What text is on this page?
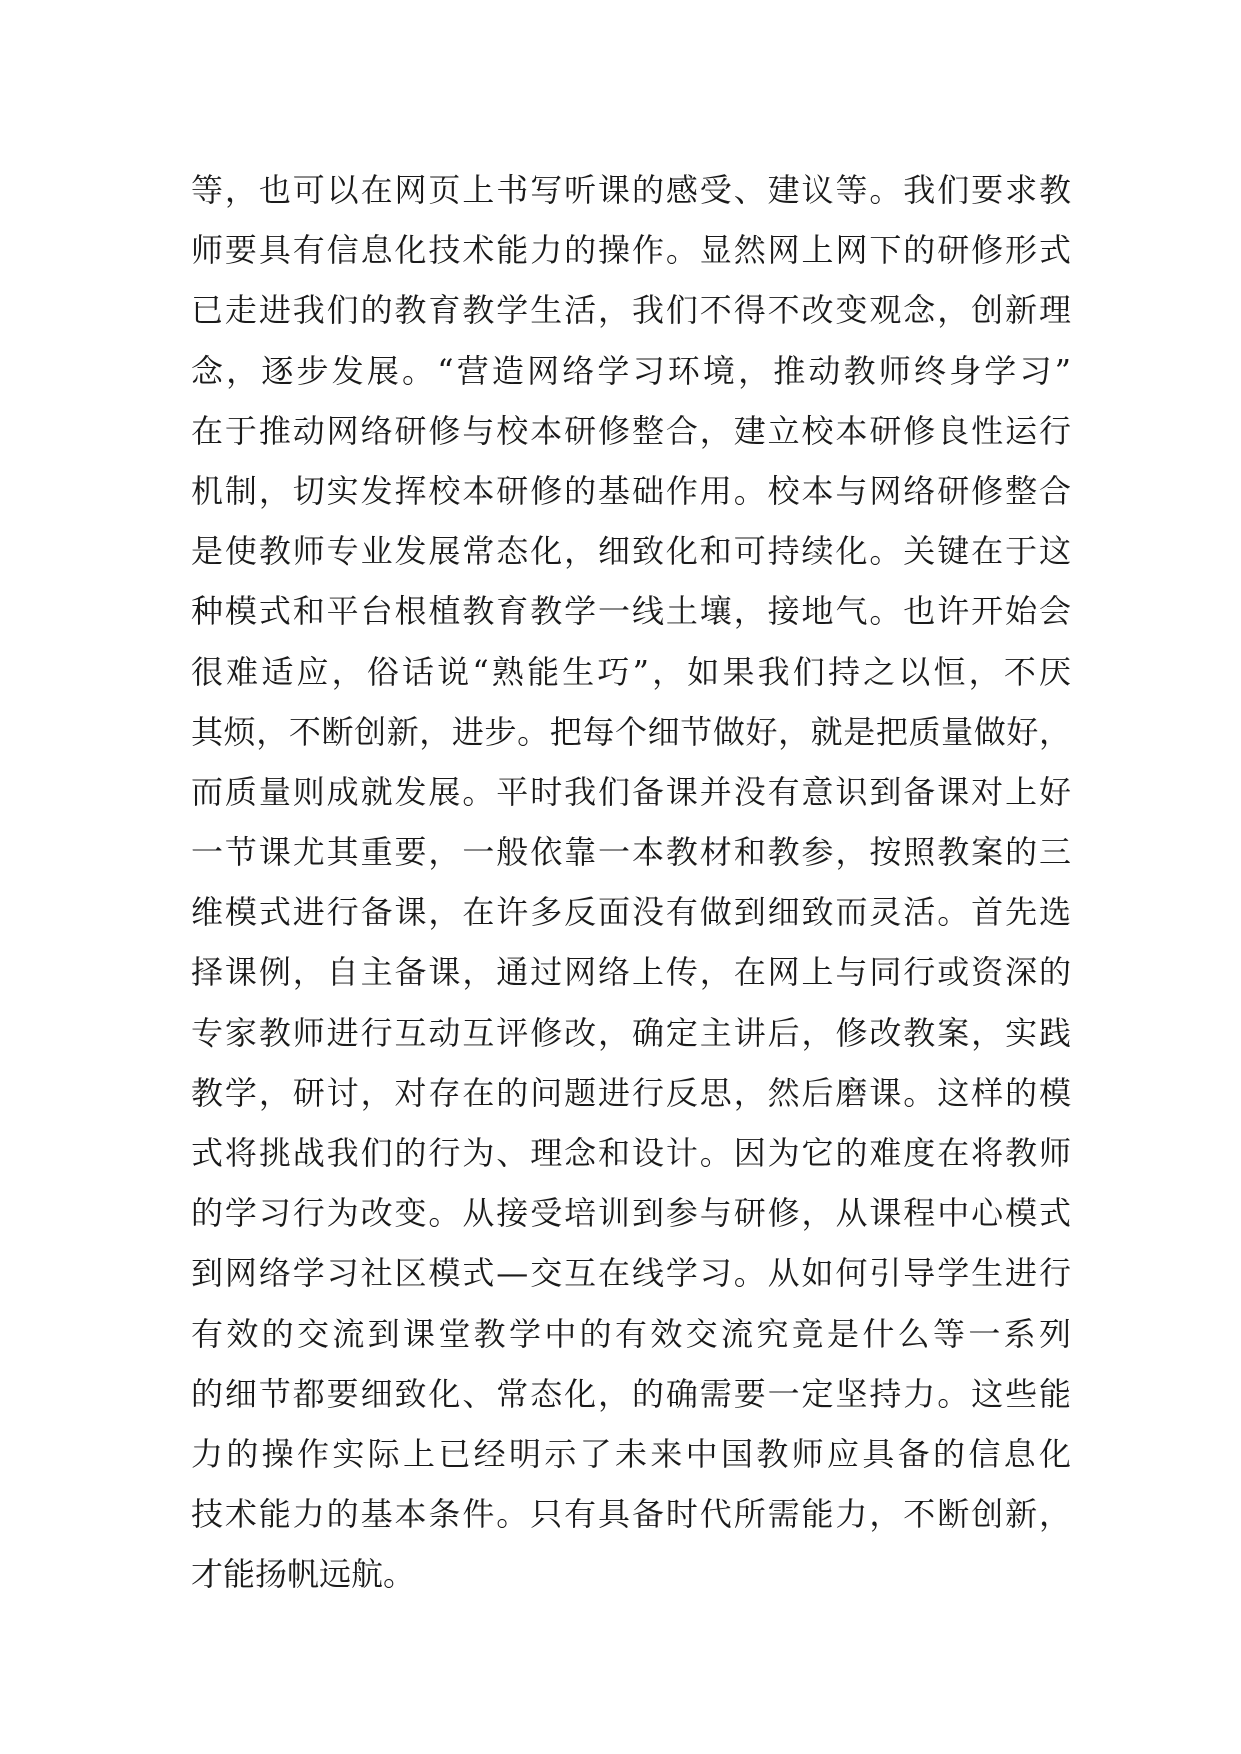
等，也可以在网页上书写听课的感受、建议等。我们要求教
师要具有信息化技术能力的操作。显然网上网下的研修形式
已走进我们的教育教学生活，我们不得不改变观念，创新理
念，逐步发展。“营造网络学习环境，推动教师终身学习”
在于推动网络研修与校本研修整合，建立校本研修良性运行
机制，切实发挥校本研修的基础作用。校本与网络研修整合
是使教师专业发展常态化，细致化和可持续化。关键在于这
种模式和平台根植教育教学一线土壤，接地气。也许开始会
很难适应，俗话说“熟能生巧”，如果我们持之以恒，不厌
其烦，不断创新，进步。把每个细节做好，就是把质量做好，
而质量则成就发展。平时我们备课并没有意识到备课对上好
一节课尤其重要，一般依靠一本教材和教参，按照教案的三
维模式进行备课，在许多反面没有做到细致而灵活。首先选
择课例，自主备课，通过网络上传，在网上与同行或资深的
专家教师进行互动互评修改，确定主讲后，修改教案，实践
教学，研讨，对存在的问题进行反思，然后磨课。这样的模
式将挑战我们的行为、理念和设计。因为它的难度在将教师
的学习行为改变。从接受培训到参与研修，从课程中心模式
到网络学习社区模式—交互在线学习。从如何引导学生进行
有效的交流到课堂教学中的有效交流究竟是什么等一系列
的细节都要细致化、常态化，的确需要一定坚持力。这些能
力的操作实际上已经明示了未来中国教师应具备的信息化
技术能力的基本条件。只有具备时代所需能力，不断创新，
才能扬帆远航。
